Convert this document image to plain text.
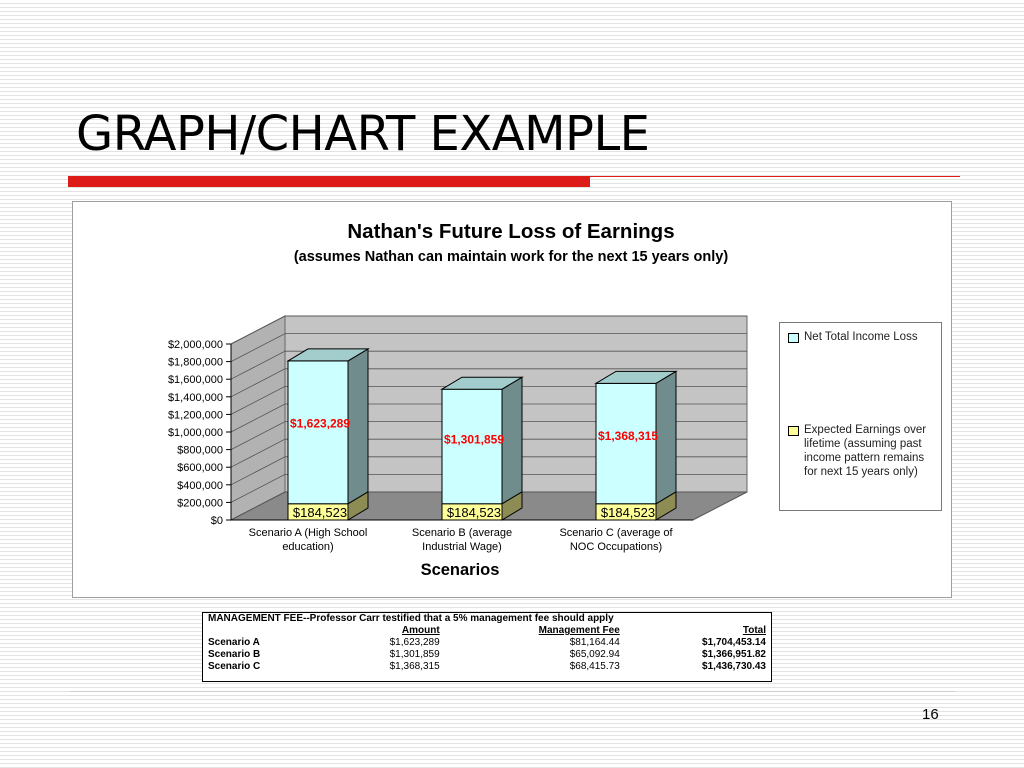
GRAPH/CHART EXAMPLE
Nathan's Future Loss of Earnings
(assumes Nathan can maintain work for the next 15 years only)
Scenarios
$0
$200,000
$400,000
$600,000
$800,000
$1,000,000
$1,200,000
$1,400,000
$1,600,000
$1,800,000
$2,000,000
$184,523
$1,623,289
Scenario A (High School
education)
$184,523
$1,301,859
Scenario B (average
Industrial Wage)
$184,523
$1,368,315
Scenario C (average of
NOC Occupations)
Net Total Income Loss
Expected Earnings over lifetime (assuming past income pattern remains for next 15 years only)
MANAGEMENT FEE--Professor Carr testified that a 5% management fee should apply			
	Amount	Management Fee	Total
Scenario A	$1,623,289	$81,164.44	$1,704,453.14
Scenario B	$1,301,859	$65,092.94	$1,366,951.82
Scenario C	$1,368,315	$68,415.73	$1,436,730.43
16
